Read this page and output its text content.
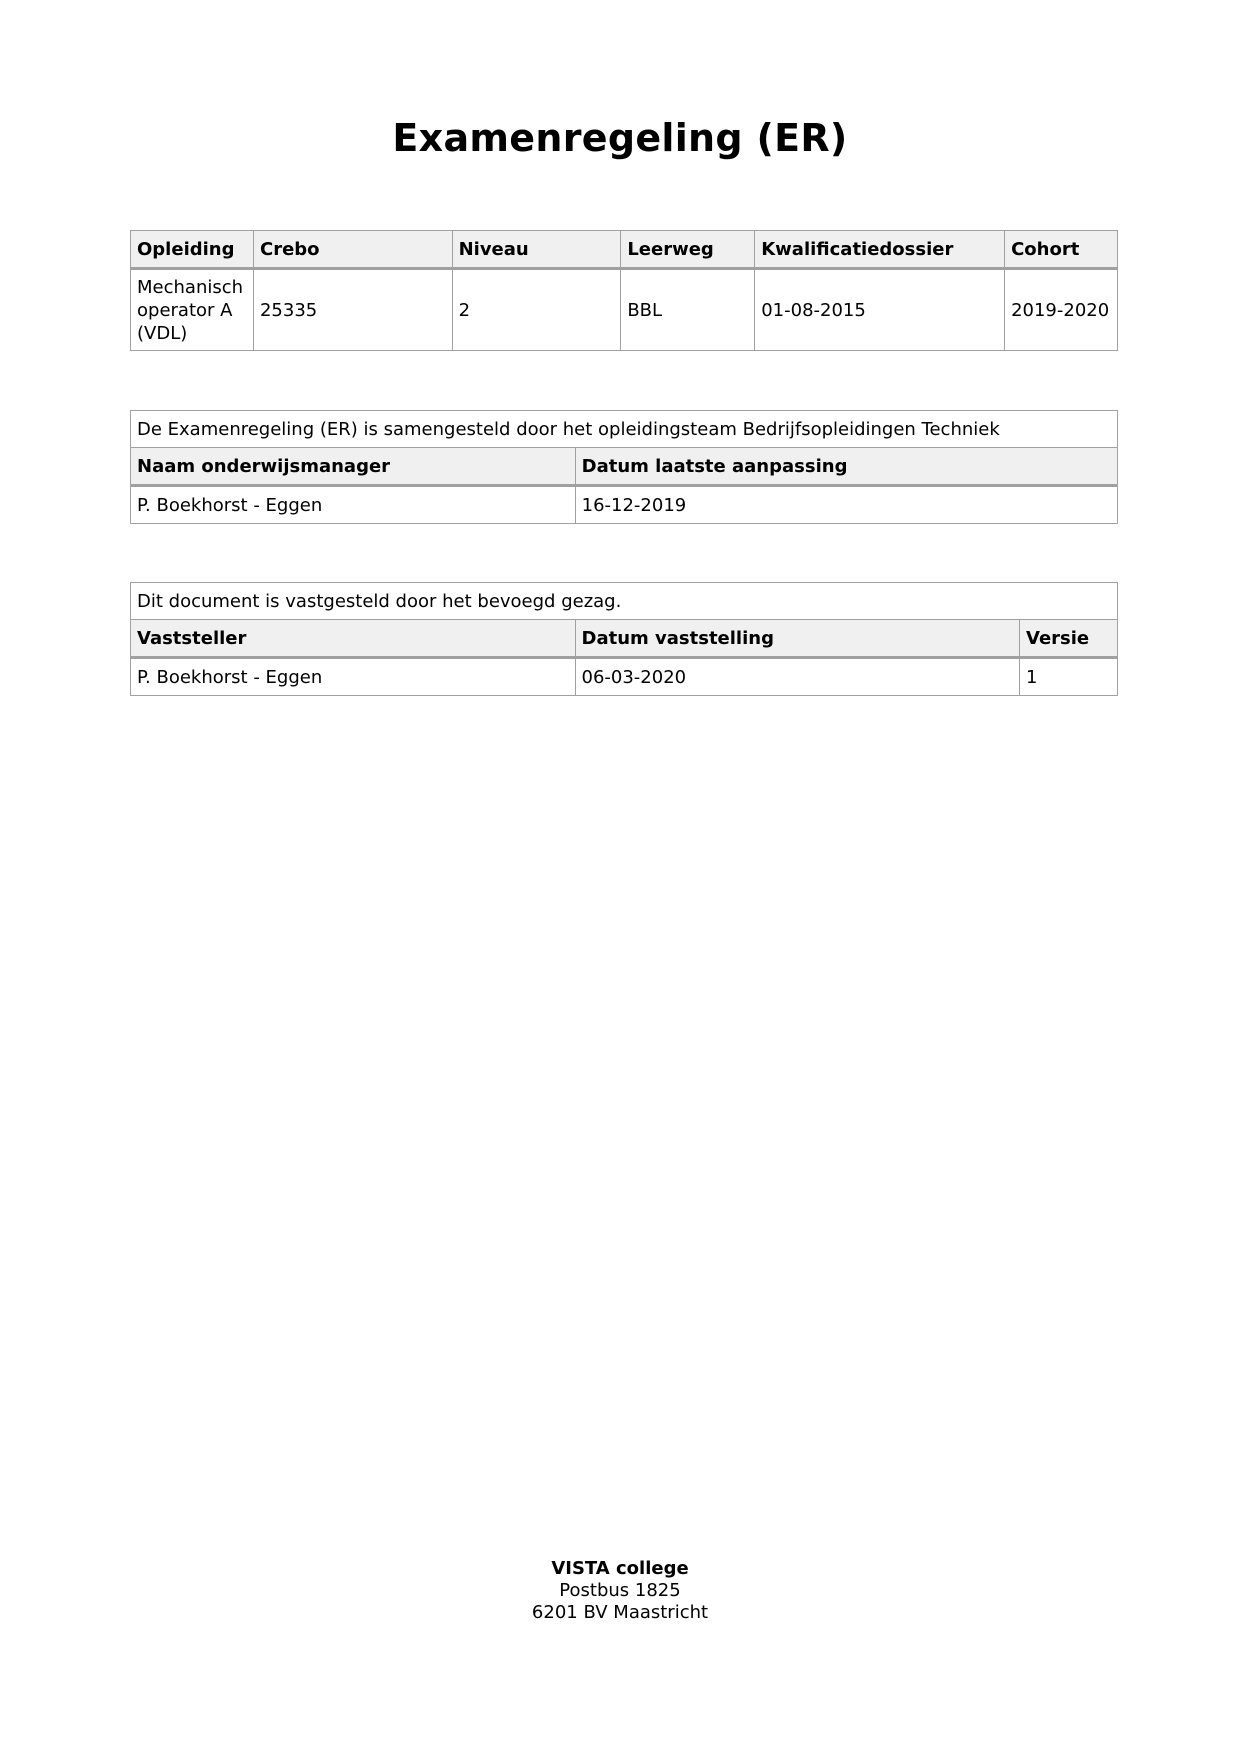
Examenregeling (ER)
Opleiding	Crebo	Niveau	Leerweg	Kwalificatiedossier	Cohort
Mechanisch operator A (VDL)	25335	2	BBL	01-08-2015	2019-2020
De Examenregeling (ER) is samengesteld door het opleidingsteam Bedrijfsopleidingen Techniek	
Naam onderwijsmanager	Datum laatste aanpassing
P. Boekhorst - Eggen	16-12-2019
Dit document is vastgesteld door het bevoegd gezag.		
Vaststeller	Datum vaststelling	Versie
P. Boekhorst - Eggen	06-03-2020	1
VISTA college
Postbus 1825
6201 BV Maastricht
